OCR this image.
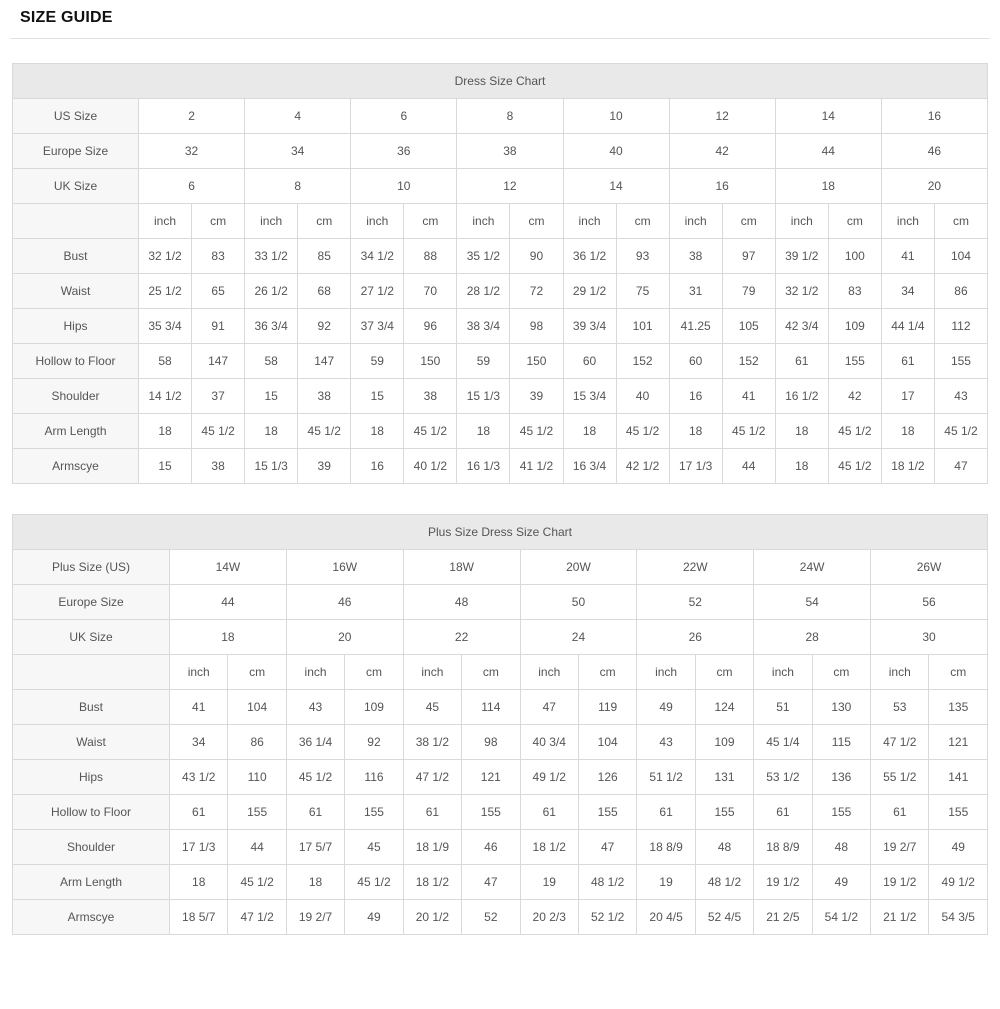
SIZE GUIDE
Dress Size Chart																
US Size	2		4		6		8		10		12		14		16	
Europe Size	32		34		36		38		40		42		44		46	
UK Size	6		8		10		12		14		16		18		20	
	inch	cm	inch	cm	inch	cm	inch	cm	inch	cm	inch	cm	inch	cm	inch	cm
Bust	32 1/2	83	33 1/2	85	34 1/2	88	35 1/2	90	36 1/2	93	38	97	39 1/2	100	41	104
Waist	25 1/2	65	26 1/2	68	27 1/2	70	28 1/2	72	29 1/2	75	31	79	32 1/2	83	34	86
Hips	35 3/4	91	36 3/4	92	37 3/4	96	38 3/4	98	39 3/4	101	41.25	105	42 3/4	109	44 1/4	112
Hollow to Floor	58	147	58	147	59	150	59	150	60	152	60	152	61	155	61	155
Shoulder	14 1/2	37	15	38	15	38	15 1/3	39	15 3/4	40	16	41	16 1/2	42	17	43
Arm Length	18	45 1/2	18	45 1/2	18	45 1/2	18	45 1/2	18	45 1/2	18	45 1/2	18	45 1/2	18	45 1/2
Armscye	15	38	15 1/3	39	16	40 1/2	16 1/3	41 1/2	16 3/4	42 1/2	17 1/3	44	18	45 1/2	18 1/2	47
Plus Size Dress Size Chart														
Plus Size (US)	14W		16W		18W		20W		22W		24W		26W	
Europe Size	44		46		48		50		52		54		56	
UK Size	18		20		22		24		26		28		30	
	inch	cm	inch	cm	inch	cm	inch	cm	inch	cm	inch	cm	inch	cm
Bust	41	104	43	109	45	114	47	119	49	124	51	130	53	135
Waist	34	86	36 1/4	92	38 1/2	98	40 3/4	104	43	109	45 1/4	115	47 1/2	121
Hips	43 1/2	110	45 1/2	116	47 1/2	121	49 1/2	126	51 1/2	131	53 1/2	136	55 1/2	141
Hollow to Floor	61	155	61	155	61	155	61	155	61	155	61	155	61	155
Shoulder	17 1/3	44	17 5/7	45	18 1/9	46	18 1/2	47	18 8/9	48	18 8/9	48	19 2/7	49
Arm Length	18	45 1/2	18	45 1/2	18 1/2	47	19	48 1/2	19	48 1/2	19 1/2	49	19 1/2	49 1/2
Armscye	18 5/7	47 1/2	19 2/7	49	20 1/2	52	20 2/3	52 1/2	20 4/5	52 4/5	21 2/5	54 1/2	21 1/2	54 3/5
